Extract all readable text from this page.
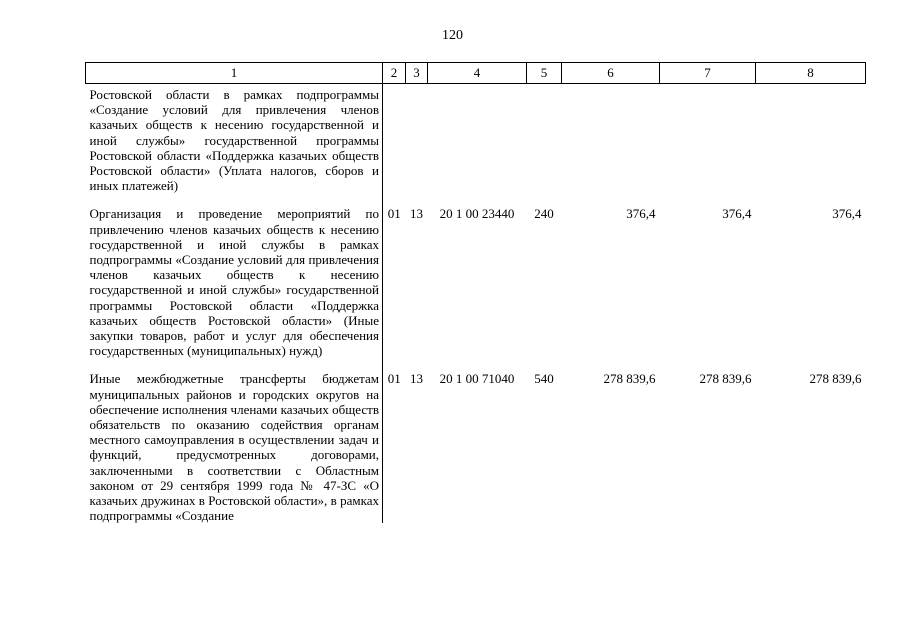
120
1	2	3	4	5	6	7	8
Ростовской области в рамках подпрограммы «Создание условий для привлечения членов казачьих обществ к несению государственной и иной службы» государственной программы Ростовской области «Поддержка казачьих обществ Ростовской области» (Уплата налогов, сборов и иных платежей)							
Организация и проведение мероприятий по привлечению членов казачьих обществ к несению государственной и иной службы в рамках подпрограммы «Создание условий для привлечения членов казачьих обществ к несению государственной и иной службы» государственной программы Ростовской области «Поддержка казачьих обществ Ростовской области» (Иные закупки товаров, работ и услуг для обеспечения государственных (муниципальных) нужд)	01	13	20 1 00 23440	240	376,4	376,4	376,4
Иные межбюджетные трансферты бюджетам муниципальных районов и городских округов на обеспечение исполнения членами казачьих обществ обязательств по оказанию содействия органам местного самоуправления в осуществлении задач и функций, предусмотренных договорами, заключенными в соответствии с Областным законом от 29 сентября 1999 года № 47-ЗС «О казачьих дружинах в Ростовской области», в рамках подпрограммы «Создание	01	13	20 1 00 71040	540	278 839,6	278 839,6	278 839,6
